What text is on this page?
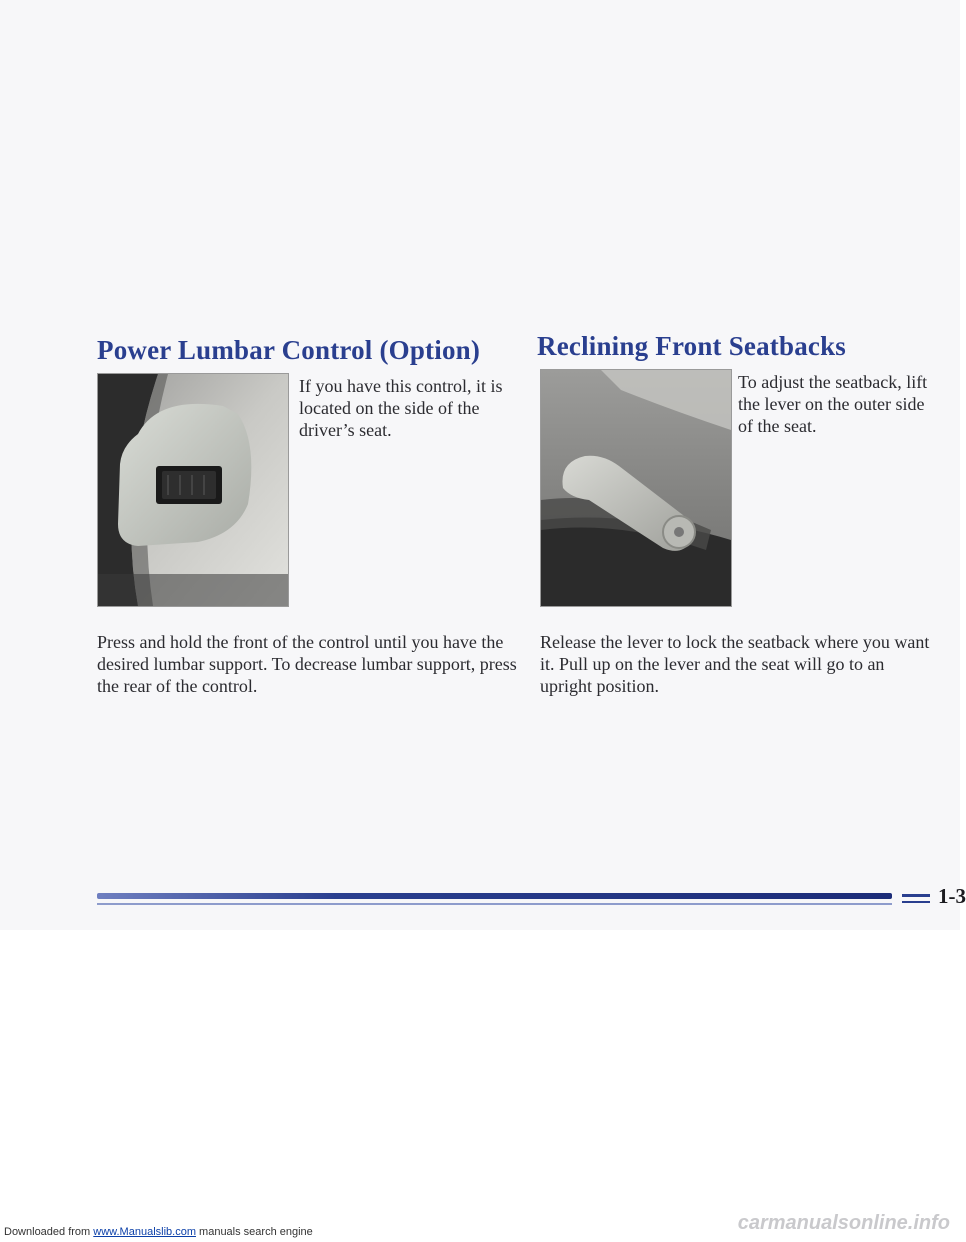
Power Lumbar Control (Option)

If you have this control, it is located on the side of the driver’s seat.

Press and hold the front of the control until you have the desired lumbar support. To decrease lumbar support, press the rear of the control.

Reclining Front Seatbacks

To adjust the seatback, lift the lever on the outer side of the seat.

Release the lever to lock the seatback where you want it. Pull up on the lever and the seat will go to an upright position.

1-3
Downloaded from www.Manualslib.com manuals search engine	carmanualsonline.info
